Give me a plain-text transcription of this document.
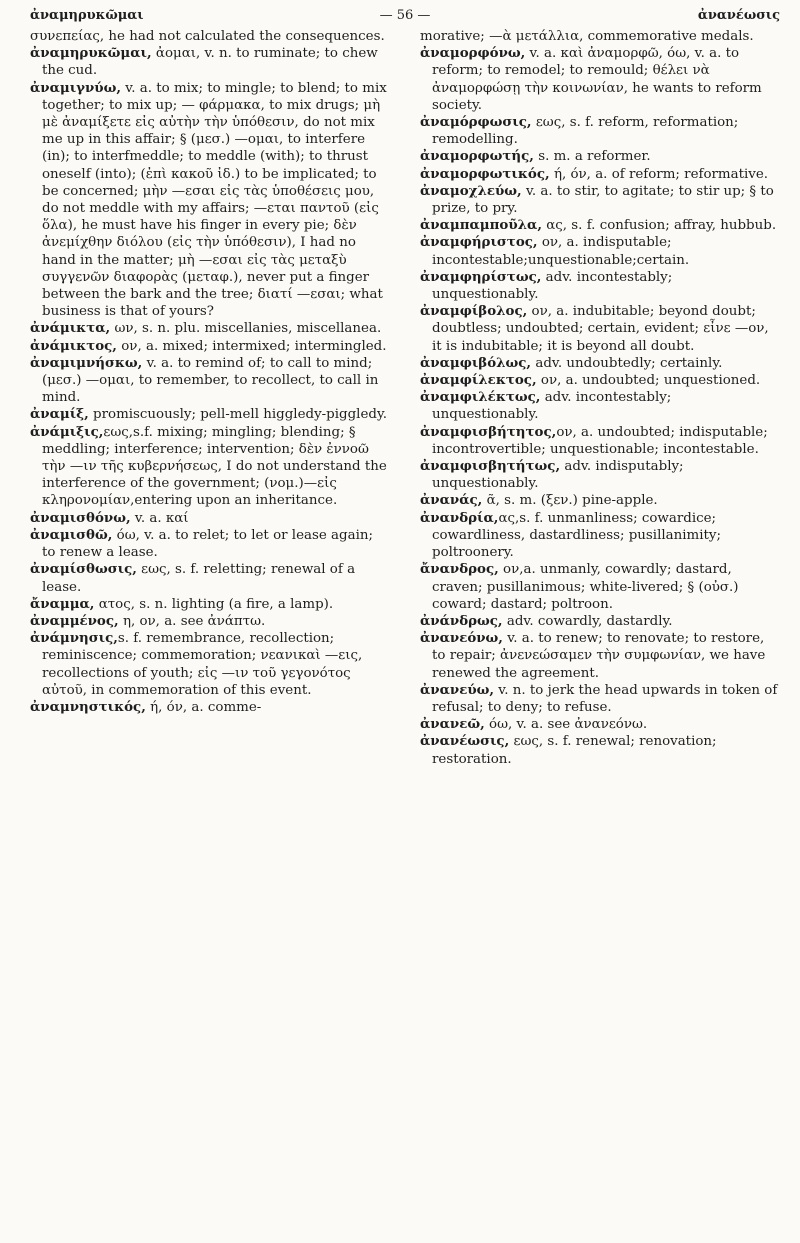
ἀναμηρυκῶμαι	— 56 —	ἀνανέωσις

συνεπείας, he had not calculated the consequences.

ἀναμηρυκῶμαι, ἀομαι, v. n. to ruminate; to chew the cud.

ἀναμιγνύω, v. a. to mix; to mingle; to blend; to mix together; to mix up; — φάρμακα, to mix drugs; μὴ μὲ ἀναμίξετε εἰς αὐτὴν τὴν ὑπόθεσιν, do not mix me up in this affair; § (μεσ.) —ομαι, to interfere (in); to interfmeddle; to meddle (with); to thrust oneself (into); (ἐπὶ κακοῦ ἰδ.) to be implicated; to be concerned; μὴν —εσαι εἰς τὰς ὑποθέσεις μου, do not meddle with my affairs; —εται παντοῦ (εἰς ὅλα), he must have his finger in every pie; δὲν ἀνεμίχθην διόλου (εἰς τὴν ὑπόθεσιν), I had no hand in the matter; μὴ —εσαι εἰς τὰς μεταξὺ συγγενῶν διαφορὰς (μεταφ.), never put a finger between the bark and the tree; διατί —εσαι; what business is that of yours?

ἀνάμικτα, ων, s. n. plu. miscellanies, miscellanea.

ἀνάμικτος, ον, a. mixed; intermixed; intermingled.

ἀναμιμνήσκω, v. a. to remind of; to call to mind; (μεσ.) —ομαι, to remember, to recollect, to call in mind.

ἀναμίξ, promiscuously; pell-mell higgledy-piggledy.

ἀνάμιξις,εως,s.f. mixing; mingling; blending; § meddling; interference; intervention; δὲν ἐννοῶ τὴν —ιν τῆς κυβερνήσεως, I do not understand the interference of the government; (νομ.)—εἰς κληρονομίαν,entering upon an inheritance.

ἀναμισθόνω, v. a. καί

ἀναμισθῶ, όω, v. a. to relet; to let or lease again; to renew a lease.

ἀναμίσθωσις, εως, s. f. reletting; renewal of a lease.

ἄναμμα, ατος, s. n. lighting (a fire, a lamp).

ἀναμμένος, η, ον, a. see ἀνάπτω.

ἀνάμνησις,s. f. remembrance, recollection; reminiscence; commemoration; νεανικαὶ —εις, recollections of youth; εἰς —ιν τοῦ γεγονότος αὐτοῦ, in commemoration of this event.

ἀναμνηστικός, ή, όν, a. comme-

morative; —ὰ μετάλλια, commemorative medals.

ἀναμορφόνω, v. a. καὶ ἀναμορφῶ, όω, v. a. to reform; to remodel; to remould; θέλει νὰ ἀναμορφώσῃ τὴν κοινωνίαν, he wants to reform society.

ἀναμόρφωσις, εως, s. f. reform, reformation; remodelling.

ἀναμορφωτής, s. m. a reformer.

ἀναμορφωτικός, ή, όν, a. of reform; reformative.

ἀναμοχλεύω, v. a. to stir, to agitate; to stir up; § to prize, to pry.

ἀναμπαμποῦλα, ας, s. f. confusion; affray, hubbub.

ἀναμφήριστος, ον, a. indisputable; incontestable;unquestionable;certain.

ἀναμφηρίστως, adv. incontestably; unquestionably.

ἀναμφίβολος, ον, a. indubitable; beyond doubt; doubtless; undoubted; certain, evident; εἶνε —ον, it is indubitable; it is beyond all doubt.

ἀναμφιβόλως, adv. undoubtedly; certainly.

ἀναμφίλεκτος, ον, a. undoubted; unquestioned.

ἀναμφιλέκτως, adv. incontestably; unquestionably.

ἀναμφισβήτητος,ον, a. undoubted; indisputable; incontrovertible; unquestionable; incontestable.

ἀναμφισβητήτως, adv. indisputably; unquestionably.

ἀνανάς, ᾶ, s. m. (ξεν.) pine-apple.

ἀνανδρία,ας,s. f. unmanliness; cowardice; cowardliness, dastardliness; pusillanimity; poltroonery.

ἄνανδρος, ον,a. unmanly, cowardly; dastard, craven; pusillanimous; white-livered; § (οὐσ.) coward; dastard; poltroon.

ἀνάνδρως, adv. cowardly, dastardly.

ἀνανεόνω, v. a. to renew; to renovate; to restore, to repair; ἀνενεώσαμεν τὴν συμφωνίαν, we have renewed the agreement.

ἀνανεύω, v. n. to jerk the head upwards in token of refusal; to deny; to refuse.

ἀνανεῶ, όω, v. a. see ἀνανεόνω.

ἀνανέωσις, εως, s. f. renewal; renovation; restoration.
